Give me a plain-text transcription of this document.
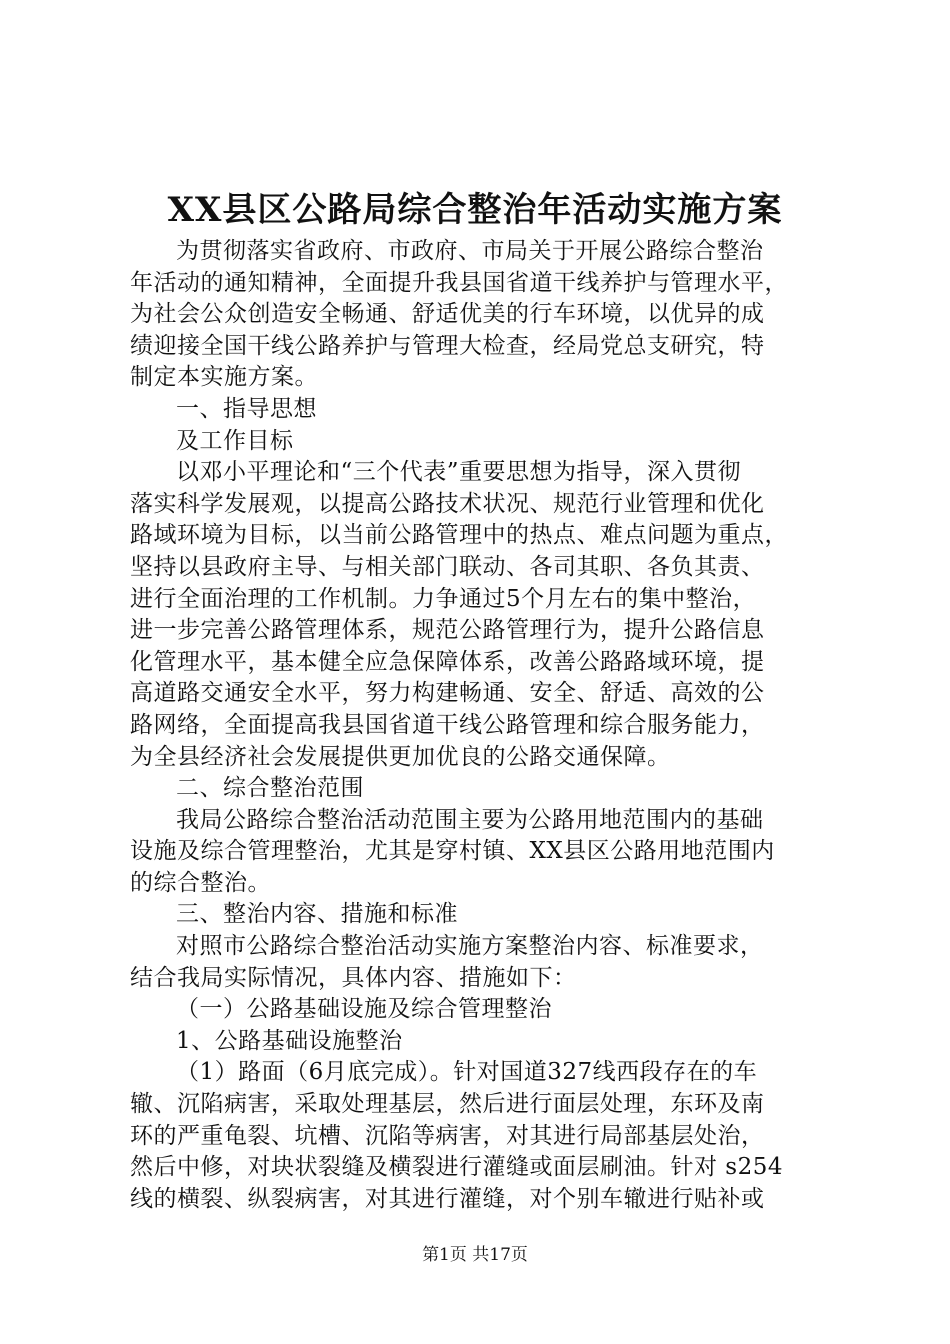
XX县区公路局综合整治年活动实施方案
为贯彻落实省政府、市政府、市局关于开展公路综合整治
年活动的通知精神，全面提升我县国省道干线养护与管理水平，
为社会公众创造安全畅通、舒适优美的行车环境，以优异的成
绩迎接全国干线公路养护与管理大检查，经局党总支研究，特
制定本实施方案。
一、指导思想
及工作目标
以邓小平理论和“三个代表”重要思想为指导，深入贯彻
落实科学发展观，以提高公路技术状况、规范行业管理和优化
路域环境为目标，以当前公路管理中的热点、难点问题为重点，
坚持以县政府主导、与相关部门联动、各司其职、各负其责、
进行全面治理的工作机制。力争通过5个月左右的集中整治，
进一步完善公路管理体系，规范公路管理行为，提升公路信息
化管理水平，基本健全应急保障体系，改善公路路域环境，提
高道路交通安全水平，努力构建畅通、安全、舒适、高效的公
路网络，全面提高我县国省道干线公路管理和综合服务能力，
为全县经济社会发展提供更加优良的公路交通保障。
二、综合整治范围
我局公路综合整治活动范围主要为公路用地范围内的基础
设施及综合管理整治，尤其是穿村镇、XX县区公路用地范围内
的综合整治。
三、整治内容、措施和标准
对照市公路综合整治活动实施方案整治内容、标准要求，
结合我局实际情况，具体内容、措施如下：
（一）公路基础设施及综合管理整治
1、公路基础设施整治
（1）路面（6月底完成）。针对国道327线西段存在的车
辙、沉陷病害，采取处理基层，然后进行面层处理，东环及南
环的严重龟裂、坑槽、沉陷等病害，对其进行局部基层处治，
然后中修，对块状裂缝及横裂进行灌缝或面层刷油。针对 s254
线的横裂、纵裂病害，对其进行灌缝，对个别车辙进行贴补或
第1页 共17页
